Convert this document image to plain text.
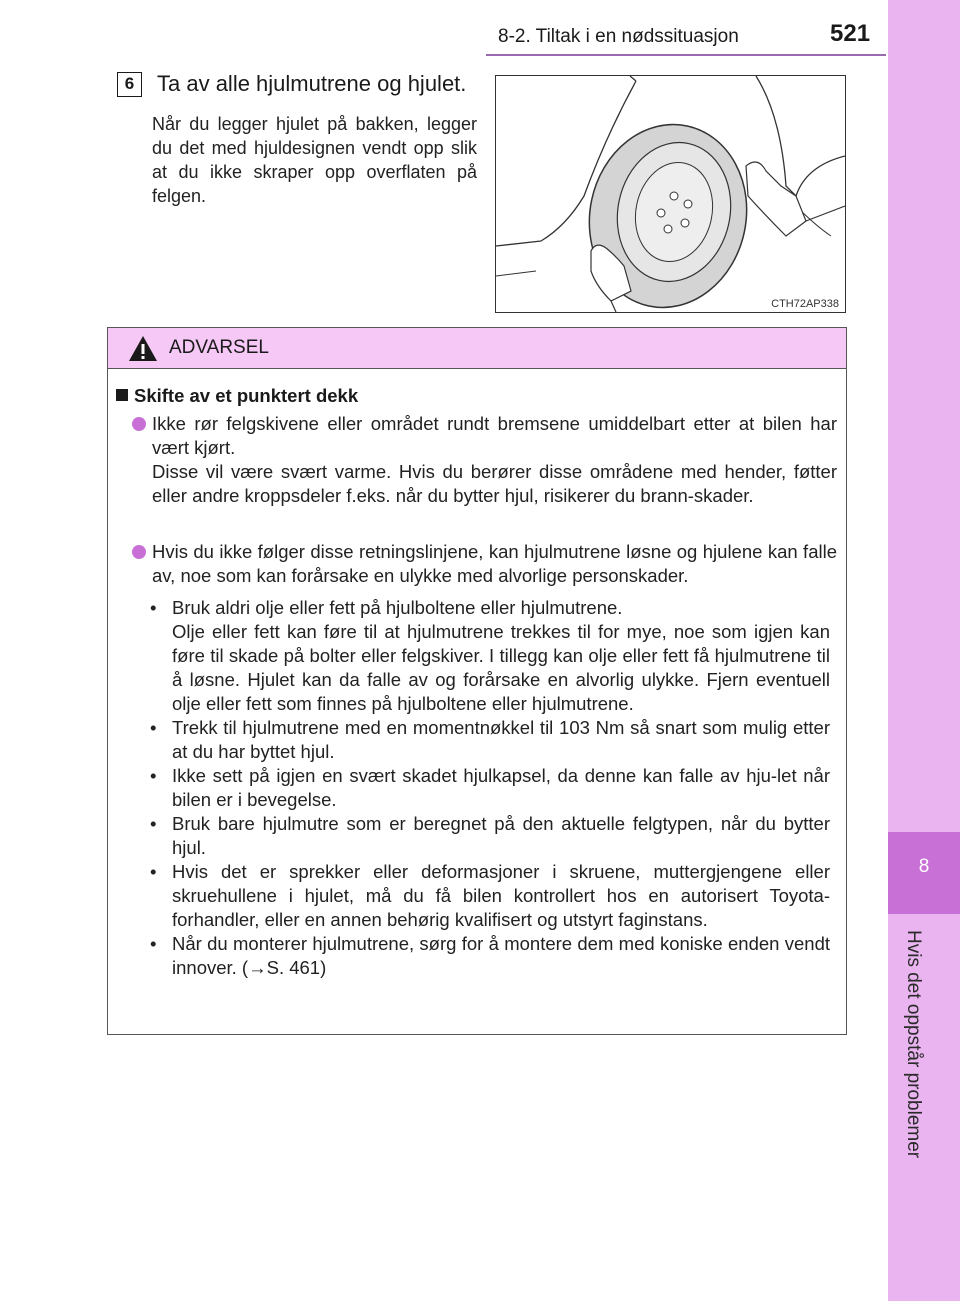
8-2. Tiltak i en nødssituasjon	521
8
Hvis det oppstår problemer
6	Ta av alle hjulmutrene og hjulet.
Når du legger hjulet på bakken, legger du det med hjuldesignen vendt opp slik at du ikke skraper opp overflaten på felgen.
CTH72AP338
ADVARSEL
Skifte av et punktert dekk

Ikke rør felgskivene eller området rundt bremsene umiddelbart etter at bilen har vært kjørt.

Disse vil være svært varme. Hvis du berører disse områdene med hender, føtter eller andre kroppsdeler f.eks. når du bytter hjul, risikerer du brann-skader.

Hvis du ikke følger disse retningslinjene, kan hjulmutrene løsne og hjulene kan falle av, noe som kan forårsake en ulykke med alvorlige personskader.

• Bruk aldri olje eller fett på hjulboltene eller hjulmutrene.
Olje eller fett kan føre til at hjulmutrene trekkes til for mye, noe som igjen kan føre til skade på bolter eller felgskiver. I tillegg kan olje eller fett få hjulmutrene til å løsne. Hjulet kan da falle av og forårsake en alvorlig ulykke. Fjern eventuell olje eller fett som finnes på hjulboltene eller hjulmutrene.
• Trekk til hjulmutrene med en momentnøkkel til 103 Nm så snart som mulig etter at du har byttet hjul.
• Ikke sett på igjen en svært skadet hjulkapsel, da denne kan falle av hju-let når bilen er i bevegelse.
• Bruk bare hjulmutre som er beregnet på den aktuelle felgtypen, når du bytter hjul.
• Hvis det er sprekker eller deformasjoner i skruene, muttergjengene eller skruehullene i hjulet, må du få bilen kontrollert hos en autorisert Toyota-forhandler, eller en annen behørig kvalifisert og utstyrt faginstans.
• Når du monterer hjulmutrene, sørg for å montere dem med koniske enden vendt innover. (→S. 461)
